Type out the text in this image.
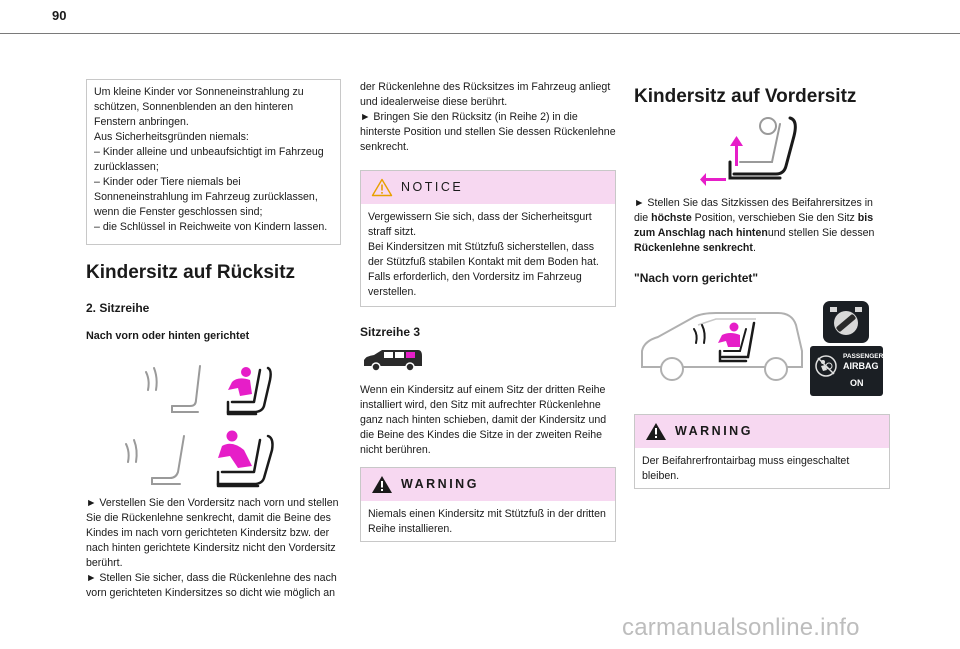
90
Um kleine Kinder vor Sonneneinstrahlung zu
schützen, Sonnenblenden an den hinteren
Fenstern anbringen.
Aus Sicherheitsgründen niemals:
– Kinder alleine und unbeaufsichtigt im Fahrzeug
zurücklassen;
– Kinder oder Tiere niemals bei
Sonneneinstrahlung im Fahrzeug zurücklassen,
wenn die Fenster geschlossen sind;
– die Schlüssel in Reichweite von Kindern lassen.
Kindersitz auf Rücksitz
2. Sitzreihe
Nach vorn oder hinten gerichtet
► Verstellen Sie den Vordersitz nach vorn und stellen
Sie die Rückenlehne senkrecht, damit die Beine des
Kindes im nach vorn gerichteten Kindersitz bzw. der
nach hinten gerichtete Kindersitz nicht den Vordersitz
berührt.
► Stellen Sie sicher, dass die Rückenlehne des nach
vorn gerichteten Kindersitzes so dicht wie möglich an
der Rückenlehne des Rücksitzes im Fahrzeug anliegt
und idealerweise diese berührt.
► Bringen Sie den Rücksitz (in Reihe 2) in die
hinterste Position und stellen Sie dessen Rückenlehne
senkrecht.
NOTICE
Vergewissern Sie sich, dass der Sicherheitsgurt
straff sitzt.
Bei Kindersitzen mit Stützfuß sicherstellen, dass
der Stützfuß stabilen Kontakt mit dem Boden hat.
Falls erforderlich, den Vordersitz im Fahrzeug
verstellen.
Sitzreihe 3
Wenn ein Kindersitz auf einem Sitz der dritten Reihe
installiert wird, den Sitz mit aufrechter Rückenlehne
ganz nach hinten schieben, damit der Kindersitz und
die Beine des Kindes die Sitze in der zweiten Reihe
nicht berühren.
WARNING
Niemals einen Kindersitz mit Stützfuß in der dritten
Reihe installieren.
Kindersitz auf Vordersitz
► Stellen Sie das Sitzkissen des Beifahrersitzes in
die höchste Position, verschieben Sie den Sitz bis
zum Anschlag nach hintenund stellen Sie dessen
Rückenlehne senkrecht.
"Nach vorn gerichtet"
PASSENGER
AIRBAG
ON
WARNING
Der Beifahrerfrontairbag muss eingeschaltet
bleiben.
carmanualsonline.info
